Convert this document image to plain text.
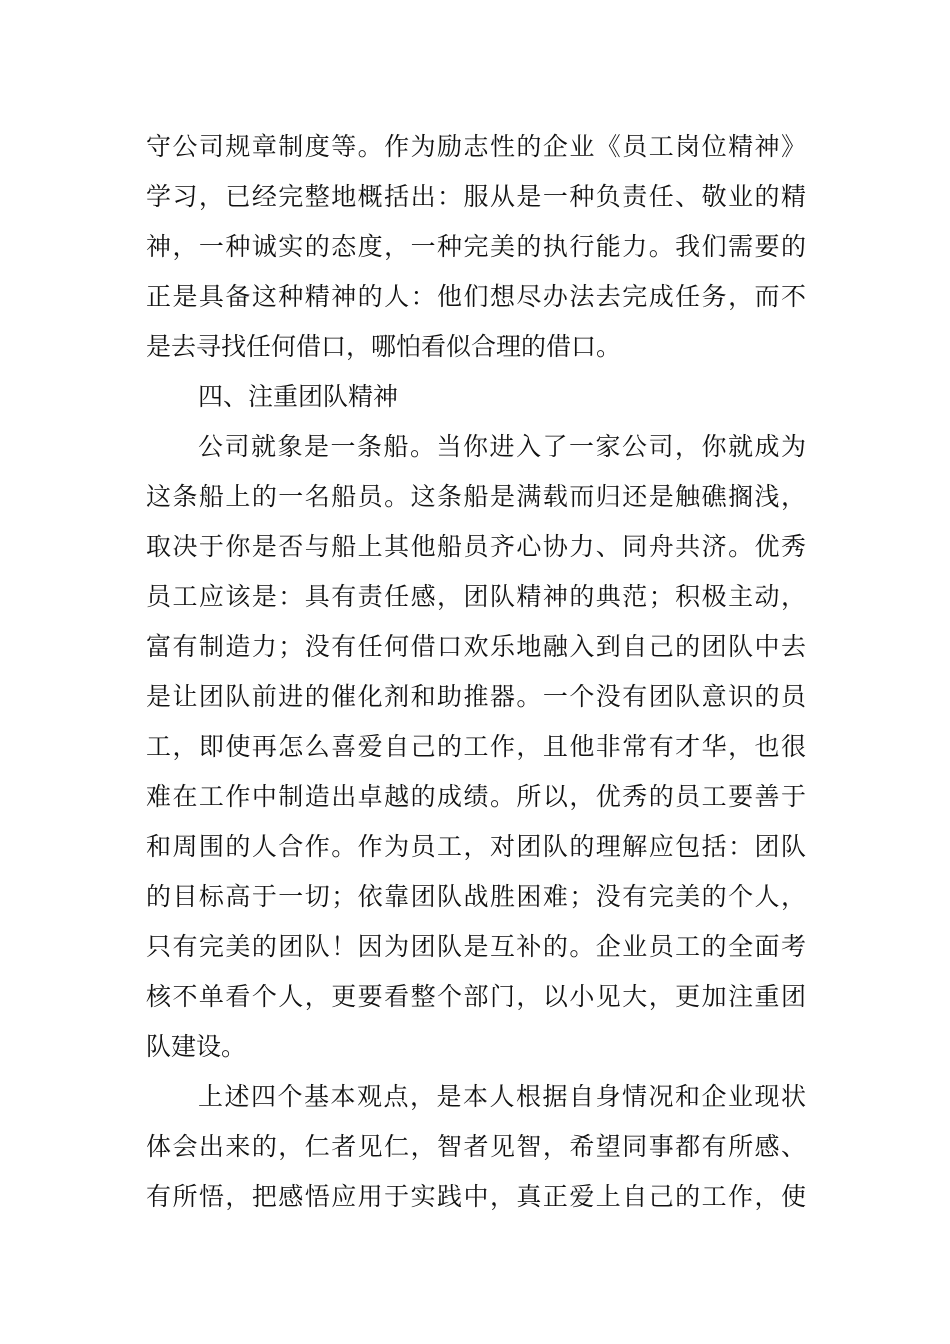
守公司规章制度等。作为励志性的企业《员工岗位精神》
学习，已经完整地概括出：服从是一种负责任、敬业的精
神，一种诚实的态度，一种完美的执行能力。我们需要的
正是具备这种精神的人：他们想尽办法去完成任务，而不
是去寻找任何借口，哪怕看似合理的借口。
四、注重团队精神
公司就象是一条船。当你进入了一家公司，你就成为
这条船上的一名船员。这条船是满载而归还是触礁搁浅，
取决于你是否与船上其他船员齐心协力、同舟共济。优秀
员工应该是：具有责任感，团队精神的典范；积极主动，
富有制造力；没有任何借口欢乐地融入到自己的团队中去
是让团队前进的催化剂和助推器。一个没有团队意识的员
工，即使再怎么喜爱自己的工作，且他非常有才华，也很
难在工作中制造出卓越的成绩。所以，优秀的员工要善于
和周围的人合作。作为员工，对团队的理解应包括：团队
的目标高于一切；依靠团队战胜困难；没有完美的个人，
只有完美的团队！因为团队是互补的。企业员工的全面考
核不单看个人，更要看整个部门，以小见大，更加注重团
队建设。
上述四个基本观点，是本人根据自身情况和企业现状
体会出来的，仁者见仁，智者见智，希望同事都有所感、
有所悟，把感悟应用于实践中，真正爱上自己的工作，使
